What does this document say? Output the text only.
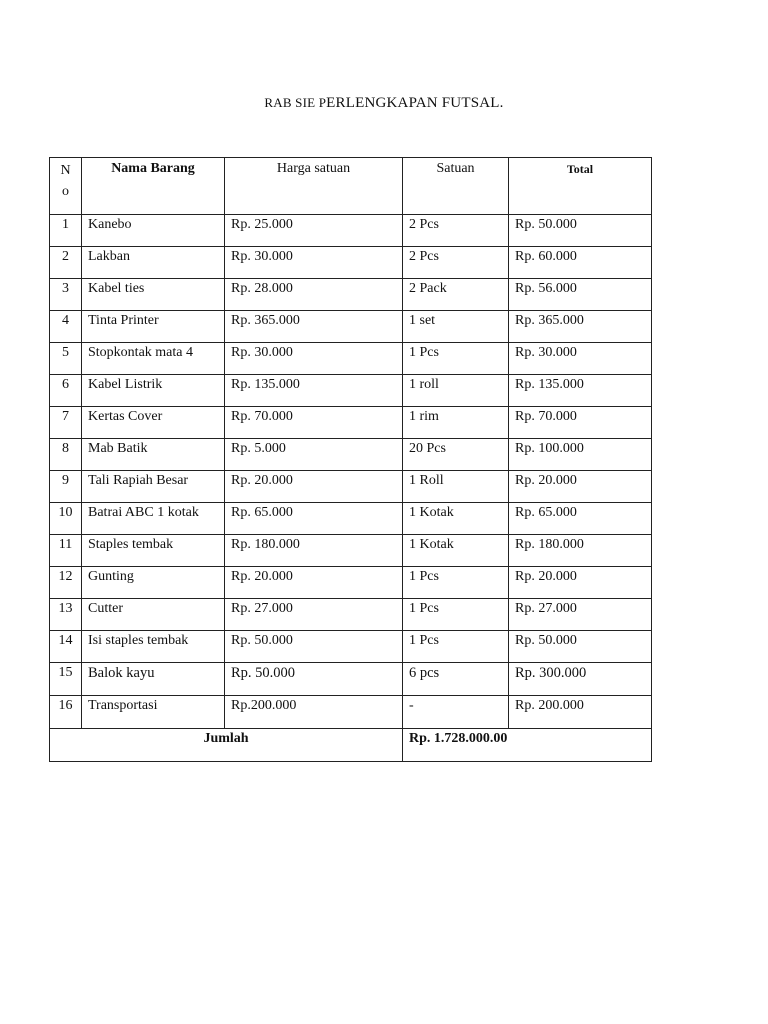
RAB SIE PERLENGKAPAN FUTSAL.
No	Nama Barang	Harga satuan	Satuan	Total
1	Kanebo	Rp. 25.000	2 Pcs	Rp. 50.000
2	Lakban	Rp. 30.000	2 Pcs	Rp. 60.000
3	Kabel ties	Rp. 28.000	2 Pack	Rp. 56.000
4	Tinta Printer	Rp. 365.000	1 set	Rp. 365.000
5	Stopkontak mata 4	Rp. 30.000	1 Pcs	Rp. 30.000
6	Kabel Listrik	Rp. 135.000	1 roll	Rp. 135.000
7	Kertas Cover	Rp. 70.000	1 rim	Rp. 70.000
8	Mab Batik	Rp. 5.000	20 Pcs	Rp. 100.000
9	Tali Rapiah Besar	Rp. 20.000	1 Roll	Rp. 20.000
10	Batrai ABC 1 kotak	Rp. 65.000	1 Kotak	Rp. 65.000
11	Staples tembak	Rp. 180.000	1 Kotak	Rp. 180.000
12	Gunting	Rp. 20.000	1 Pcs	Rp. 20.000
13	Cutter	Rp. 27.000	1 Pcs	Rp. 27.000
14	Isi staples tembak	Rp. 50.000	1 Pcs	Rp. 50.000
15	Balok kayu	Rp. 50.000	6 pcs	Rp. 300.000
16	Transportasi	Rp.200.000	-	Rp. 200.000
Jumlah			Rp. 1.728.000.00	
